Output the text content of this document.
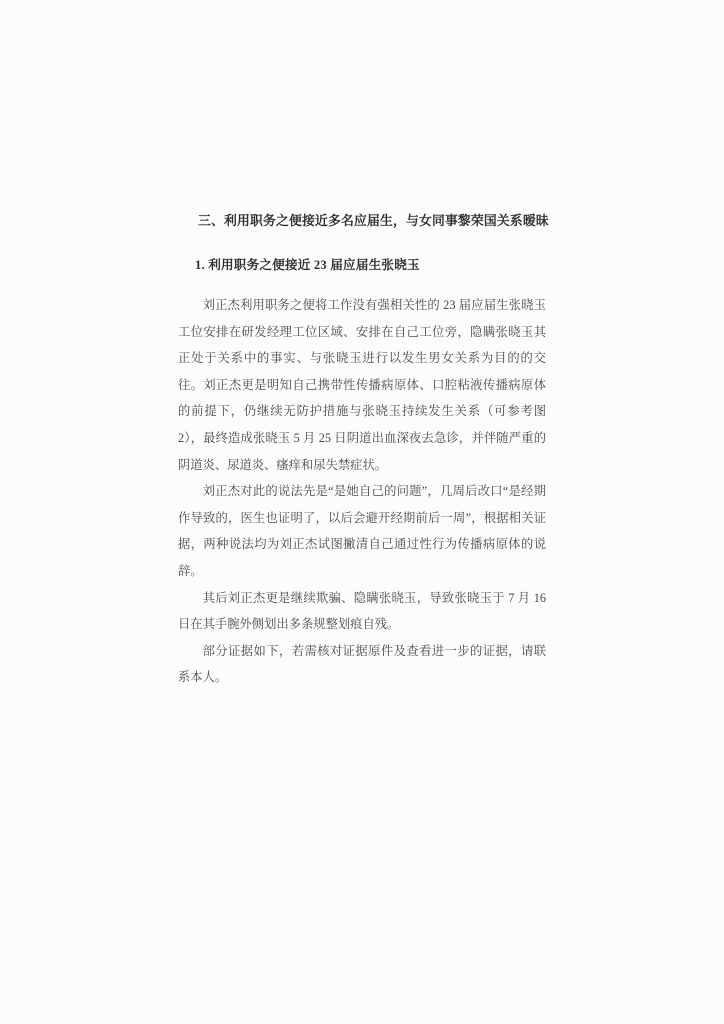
三、利用职务之便接近多名应届生，与女同事黎荣国关系暧昧
1. 利用职务之便接近 23 届应届生张晓玉

刘正杰利用职务之便将工作没有强相关性的 23 届应届生张晓玉工位安排在研发经理工位区域、安排在自己工位旁，隐瞒张晓玉其正处于关系中的事实、与张晓玉进行以发生男女关系为目的的交往。刘正杰更是明知自己携带性传播病原体、口腔粘液传播病原体的前提下，仍继续无防护措施与张晓玉持续发生关系（可参考图 2），最终造成张晓玉 5 月 25 日阴道出血深夜去急诊，并伴随严重的阴道炎、尿道炎、瘙痒和尿失禁症状。

刘正杰对此的说法先是“是她自己的问题”，几周后改口“是经期作导致的，医生也证明了，以后会避开经期前后一周”，根据相关证据，两种说法均为刘正杰试图撇清自己通过性行为传播病原体的说辞。

其后刘正杰更是继续欺骗、隐瞒张晓玉，导致张晓玉于 7 月 16 日在其手腕外侧划出多条规整划痕自残。

部分证据如下，若需核对证据原件及查看进一步的证据，请联系本人。
